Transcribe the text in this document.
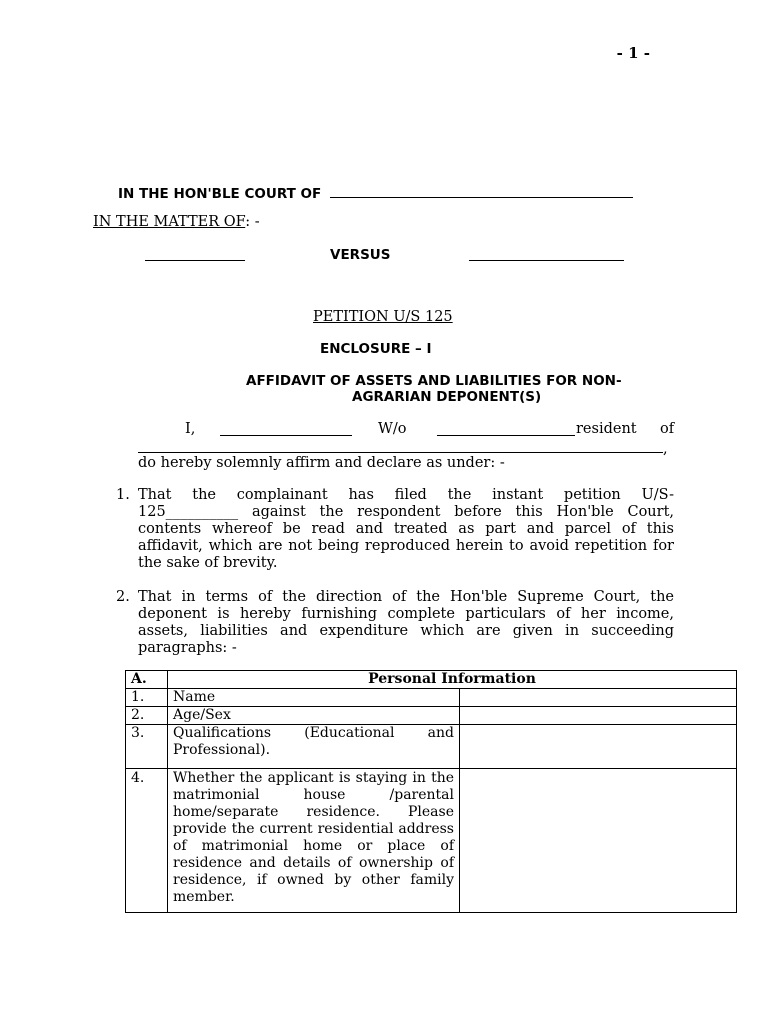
- 1 -
IN THE HON'BLE COURT OF
IN THE MATTER OF: -
VERSUS
PETITION U/S 125
ENCLOSURE – I
AFFIDAVIT OF ASSETS AND LIABILITIES FOR NON-
AGRARIAN DEPONENT(S)
I,	W/o	resident of
,
do hereby solemnly affirm and declare as under: -
1. That the complainant has filed the instant petition U/S-
125__________ against the respondent before this Hon'ble Court,
contents whereof be read and treated as part and parcel of this
affidavit, which are not being reproduced herein to avoid repetition for
the sake of brevity.
2. That in terms of the direction of the Hon'ble Supreme Court, the
deponent is hereby furnishing complete particulars of her income,
assets, liabilities and expenditure which are given in succeeding
paragraphs: -
A.	Personal Information	
1.	Name	
2.	Age/Sex	
3.	Qualifications (Educational and Professional).	
4.	Whether the applicant is staying in the matrimonial house /parental home/separate residence. Please provide the current residential address of matrimonial home or place of residence and details of ownership of residence, if owned by other family member.	
